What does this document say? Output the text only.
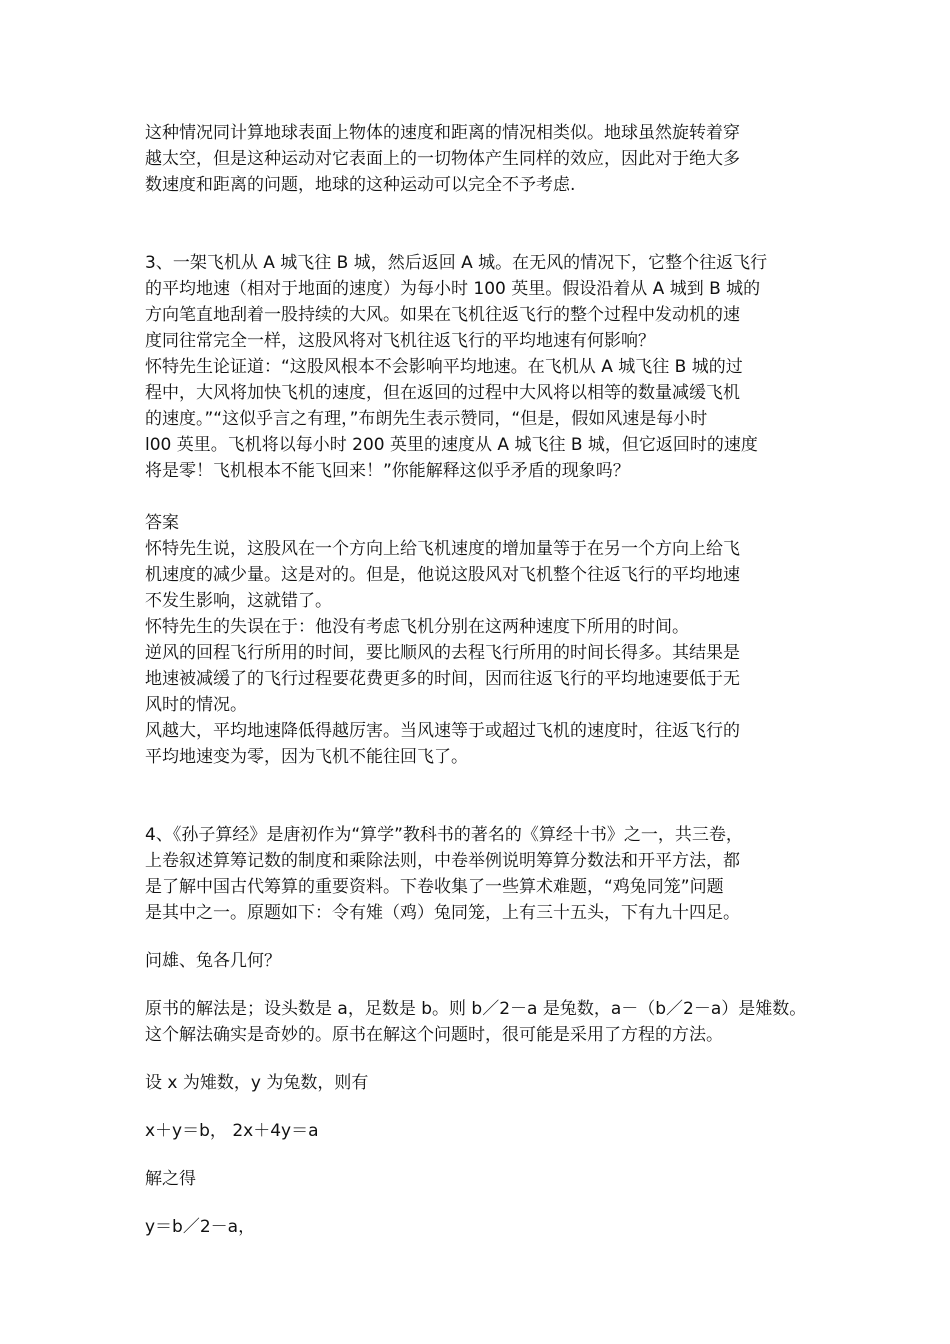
这种情况同计算地球表面上物体的速度和距离的情况相类似。地球虽然旋转着穿

越太空，但是这种运动对它表面上的一切物体产生同样的效应，因此对于绝大多

数速度和距离的问题，地球的这种运动可以完全不予考虑.

3、一架飞机从 A 城飞往 B 城，然后返回 A 城。在无风的情况下，它整个往返飞行

的平均地速（相对于地面的速度）为每小时 100 英里。假设沿着从 A 城到 B 城的

方向笔直地刮着一股持续的大风。如果在飞机往返飞行的整个过程中发动机的速

度同往常完全一样，这股风将对飞机往返飞行的平均地速有何影响？

怀特先生论证道：“这股风根本不会影响平均地速。在飞机从 A 城飞往 B 城的过

程中，大风将加快飞机的速度，但在返回的过程中大风将以相等的数量减缓飞机

的速度。”“这似乎言之有理，”布朗先生表示赞同，“但是，假如风速是每小时

l00 英里。飞机将以每小时 200 英里的速度从 A 城飞往 B 城，但它返回时的速度

将是零！飞机根本不能飞回来！”你能解释这似乎矛盾的现象吗？

答案

怀特先生说，这股风在一个方向上给飞机速度的增加量等于在另一个方向上给飞

机速度的减少量。这是对的。但是，他说这股风对飞机整个往返飞行的平均地速

不发生影响，这就错了。

怀特先生的失误在于：他没有考虑飞机分别在这两种速度下所用的时间。

逆风的回程飞行所用的时间，要比顺风的去程飞行所用的时间长得多。其结果是

地速被减缓了的飞行过程要花费更多的时间，因而往返飞行的平均地速要低于无

风时的情况。

风越大，平均地速降低得越厉害。当风速等于或超过飞机的速度时，往返飞行的

平均地速变为零，因为飞机不能往回飞了。

4、《孙子算经》是唐初作为“算学”教科书的著名的《算经十书》之一，共三卷，

上卷叙述算筹记数的制度和乘除法则，中卷举例说明筹算分数法和开平方法，都

是了解中国古代筹算的重要资料。下卷收集了一些算术难题，“鸡兔同笼”问题

是其中之一。原题如下：令有雉（鸡）兔同笼，上有三十五头，下有九十四足。

问雄、兔各几何？

原书的解法是；设头数是 a，足数是 b。则 b／2－a 是兔数，a－（b／2－a）是雉数。

这个解法确实是奇妙的。原书在解这个问题时，很可能是采用了方程的方法。

设 x 为雉数，y 为兔数，则有

x＋y＝b， 2x＋4y＝a

解之得

y＝b／2－a，
